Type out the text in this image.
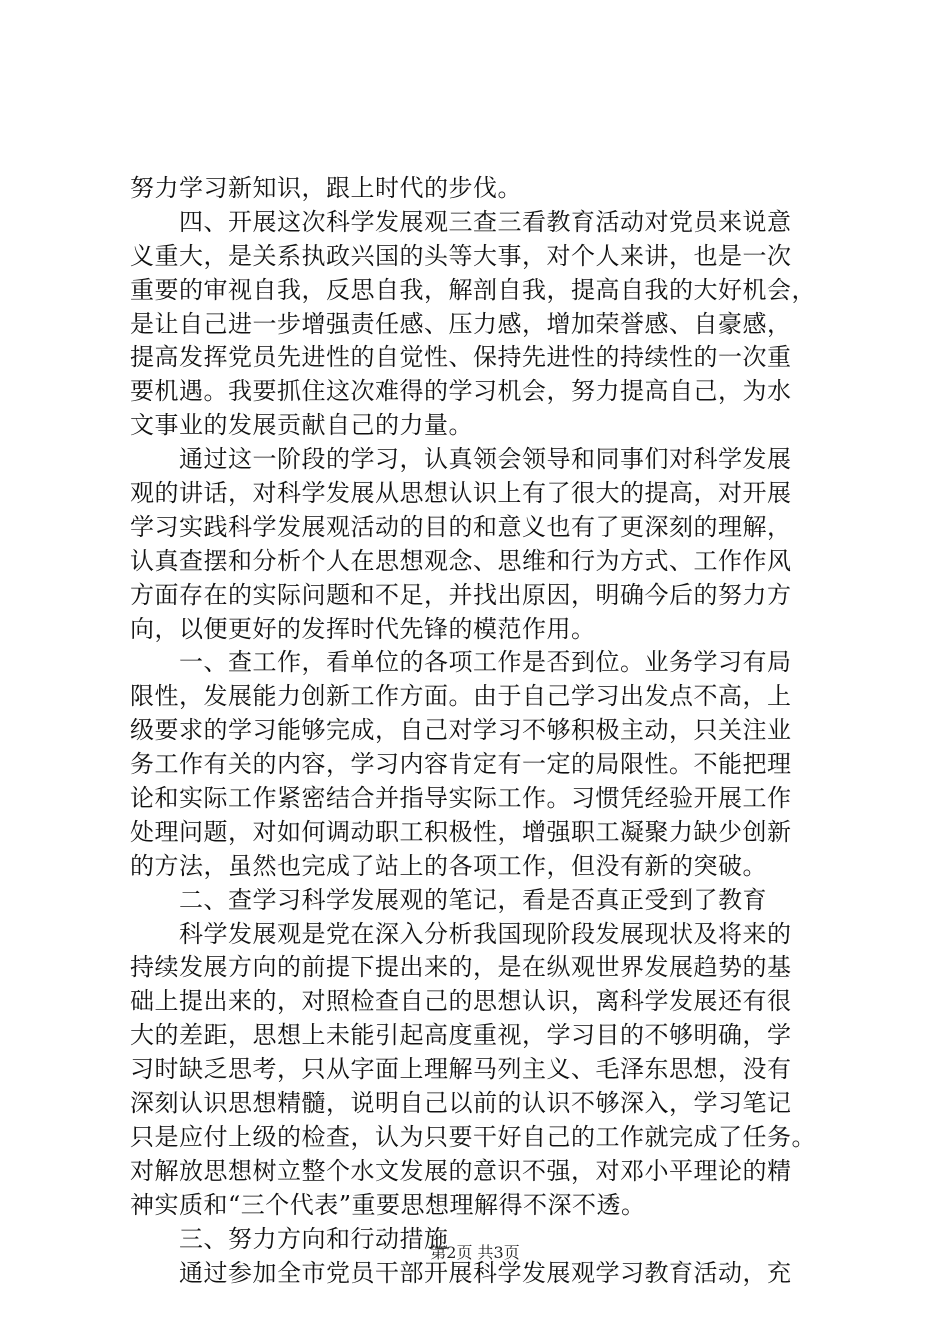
努力学习新知识，跟上时代的步伐。
　　四、开展这次科学发展观三查三看教育活动对党员来说意
义重大，是关系执政兴国的头等大事，对个人来讲，也是一次
重要的审视自我，反思自我，解剖自我，提高自我的大好机会，
是让自己进一步增强责任感、压力感，增加荣誉感、自豪感，
提高发挥党员先进性的自觉性、保持先进性的持续性的一次重
要机遇。我要抓住这次难得的学习机会，努力提高自己，为水
文事业的发展贡献自己的力量。
　　通过这一阶段的学习，认真领会领导和同事们对科学发展
观的讲话，对科学发展从思想认识上有了很大的提高，对开展
学习实践科学发展观活动的目的和意义也有了更深刻的理解，
认真查摆和分析个人在思想观念、思维和行为方式、工作作风
方面存在的实际问题和不足，并找出原因，明确今后的努力方
向，以便更好的发挥时代先锋的模范作用。
　　一、查工作，看单位的各项工作是否到位。业务学习有局
限性，发展能力创新工作方面。由于自己学习出发点不高，上
级要求的学习能够完成，自己对学习不够积极主动，只关注业
务工作有关的内容，学习内容肯定有一定的局限性。不能把理
论和实际工作紧密结合并指导实际工作。习惯凭经验开展工作
处理问题，对如何调动职工积极性，增强职工凝聚力缺少创新
的方法，虽然也完成了站上的各项工作，但没有新的突破。
　　二、查学习科学发展观的笔记，看是否真正受到了教育
　　科学发展观是党在深入分析我国现阶段发展现状及将来的
持续发展方向的前提下提出来的，是在纵观世界发展趋势的基
础上提出来的，对照检查自己的思想认识，离科学发展还有很
大的差距，思想上未能引起高度重视，学习目的不够明确，学
习时缺乏思考，只从字面上理解马列主义、毛泽东思想，没有
深刻认识思想精髓，说明自己以前的认识不够深入，学习笔记
只是应付上级的检查，认为只要干好自己的工作就完成了任务。
对解放思想树立整个水文发展的意识不强，对邓小平理论的精
神实质和“三个代表”重要思想理解得不深不透。
　　三、努力方向和行动措施
　　通过参加全市党员干部开展科学发展观学习教育活动，充
第2页 共3页
